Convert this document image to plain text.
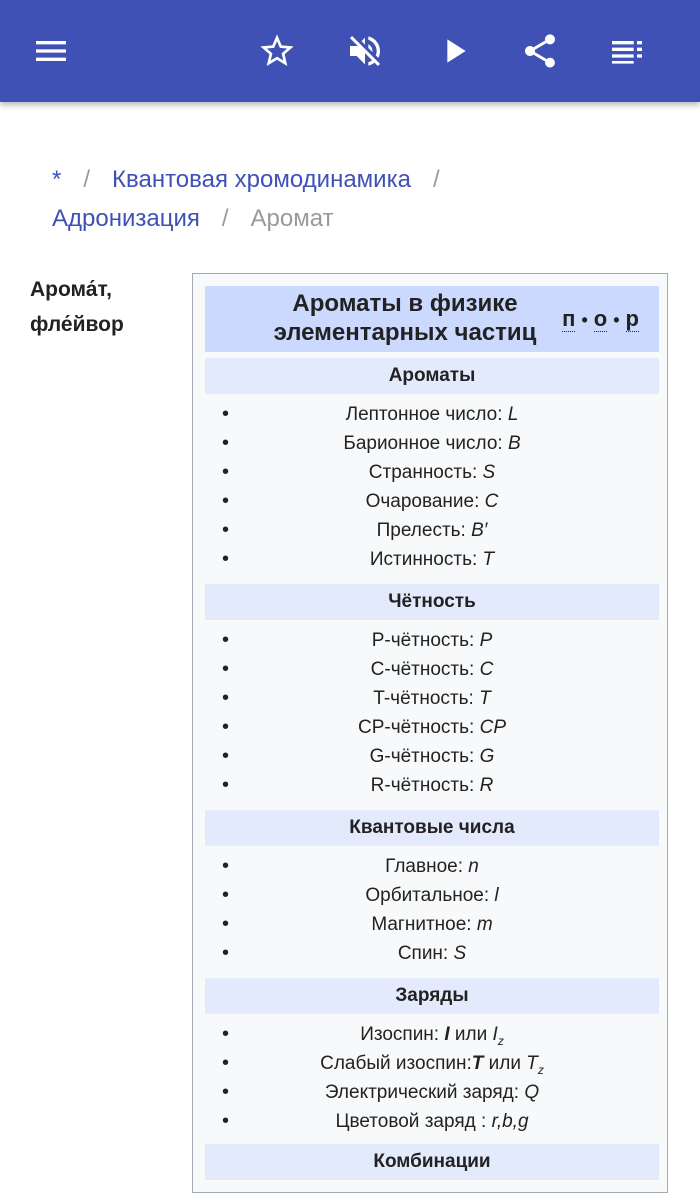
* / Квантовая хромодинамика /
Адронизация / Аромат
Арома́т,
фле́йвор
Ароматы в физике
элементарных частиц
п • о • р
Ароматы
•	Лептонное число: L
•	Барионное число: B
•	Странность: S
•	Очарование: C
•	Прелесть: B′
•	Истинность: T
Чётность
•	P-чётность: P
•	C-чётность: C
•	T-чётность: T
•	CP-чётность: CP
•	G-чётность: G
•	R-чётность: R
Квантовые числа
•	Главное: n
•	Орбитальное: l
•	Магнитное: m
•	Спин: S
Заряды
•	Изоспин: I или $I_z$
•	Слабый изоспин:T или $T_z$
•	Электрический заряд: Q
•	Цветовой заряд : r,b,g
Комбинации
